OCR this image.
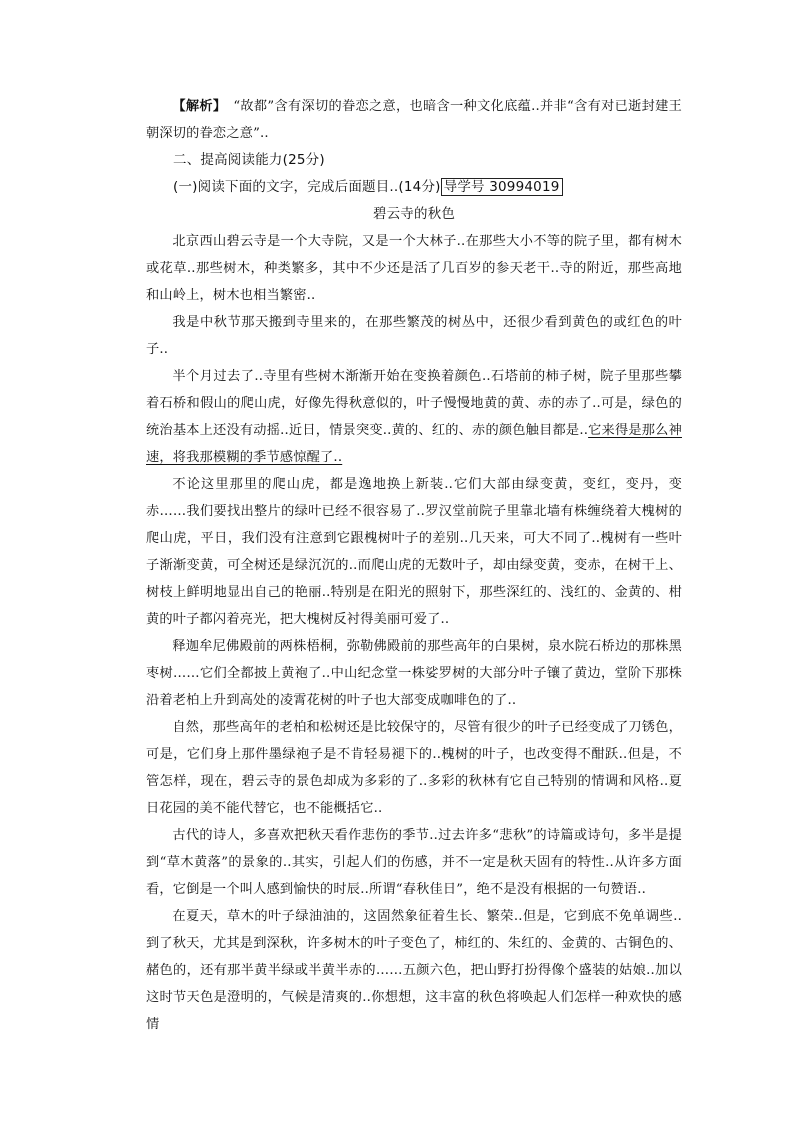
【解析】　“故都”含有深切的眷恋之意，也暗含一种文化底蕴..并非“含有对已逝封建王朝深切的眷恋之意”..

二、提高阅读能力(25分)

(一)阅读下面的文字，完成后面题目..(14分) 导学号 30994019

碧云寺的秋色

北京西山碧云寺是一个大寺院，又是一个大林子..在那些大小不等的院子里，都有树木或花草..那些树木，种类繁多，其中不少还是活了几百岁的参天老干..寺的附近，那些高地和山岭上，树木也相当繁密..

我是中秋节那天搬到寺里来的，在那些繁茂的树丛中，还很少看到黄色的或红色的叶子..

半个月过去了..寺里有些树木渐渐开始在变换着颜色..石塔前的柿子树，院子里那些攀着石桥和假山的爬山虎，好像先得秋意似的，叶子慢慢地黄的黄、赤的赤了..可是，绿色的统治基本上还没有动摇..近日，情景突变..黄的、红的、赤的颜色触目都是..它来得是那么神速，将我那模糊的季节感惊醒了..

不论这里那里的爬山虎，都是逸地换上新装..它们大部由绿变黄，变红，变丹，变赤……我们要找出整片的绿叶已经不很容易了..罗汉堂前院子里靠北墙有株缠绕着大槐树的爬山虎，平日，我们没有注意到它跟槐树叶子的差别..几天来，可大不同了..槐树有一些叶子渐渐变黄，可全树还是绿沉沉的..而爬山虎的无数叶子，却由绿变黄，变赤，在树干上、树枝上鲜明地显出自己的艳丽..特别是在阳光的照射下，那些深红的、浅红的、金黄的、柑黄的叶子都闪着亮光，把大槐树反衬得美丽可爱了..

释迦牟尼佛殿前的两株梧桐，弥勒佛殿前的那些高年的白果树，泉水院石桥边的那株黑枣树……它们全都披上黄袍了..中山纪念堂一株娑罗树的大部分叶子镶了黄边，堂阶下那株沿着老柏上升到高处的凌霄花树的叶子也大部变成咖啡色的了..

自然，那些高年的老柏和松树还是比较保守的，尽管有很少的叶子已经变成了刀锈色，可是，它们身上那件墨绿袍子是不肯轻易褪下的..槐树的叶子，也改变得不酣跃..但是，不管怎样，现在，碧云寺的景色却成为多彩的了..多彩的秋林有它自己特别的情调和风格..夏日花园的美不能代替它，也不能概括它..

古代的诗人，多喜欢把秋天看作悲伤的季节..过去许多“悲秋”的诗篇或诗句，多半是提到“草木黄落”的景象的..其实，引起人们的伤感，并不一定是秋天固有的特性..从许多方面看，它倒是一个叫人感到愉快的时辰..所谓“春秋佳日”，绝不是没有根据的一句赞语..

在夏天，草木的叶子绿油油的，这固然象征着生长、繁荣..但是，它到底不免单调些..到了秋天，尤其是到深秋，许多树木的叶子变色了，柿红的、朱红的、金黄的、古铜色的、赭色的，还有那半黄半绿或半黄半赤的……五颜六色，把山野打扮得像个盛装的姑娘..加以这时节天色是澄明的，气候是清爽的..你想想，这丰富的秋色将唤起人们怎样一种欢快的感情
